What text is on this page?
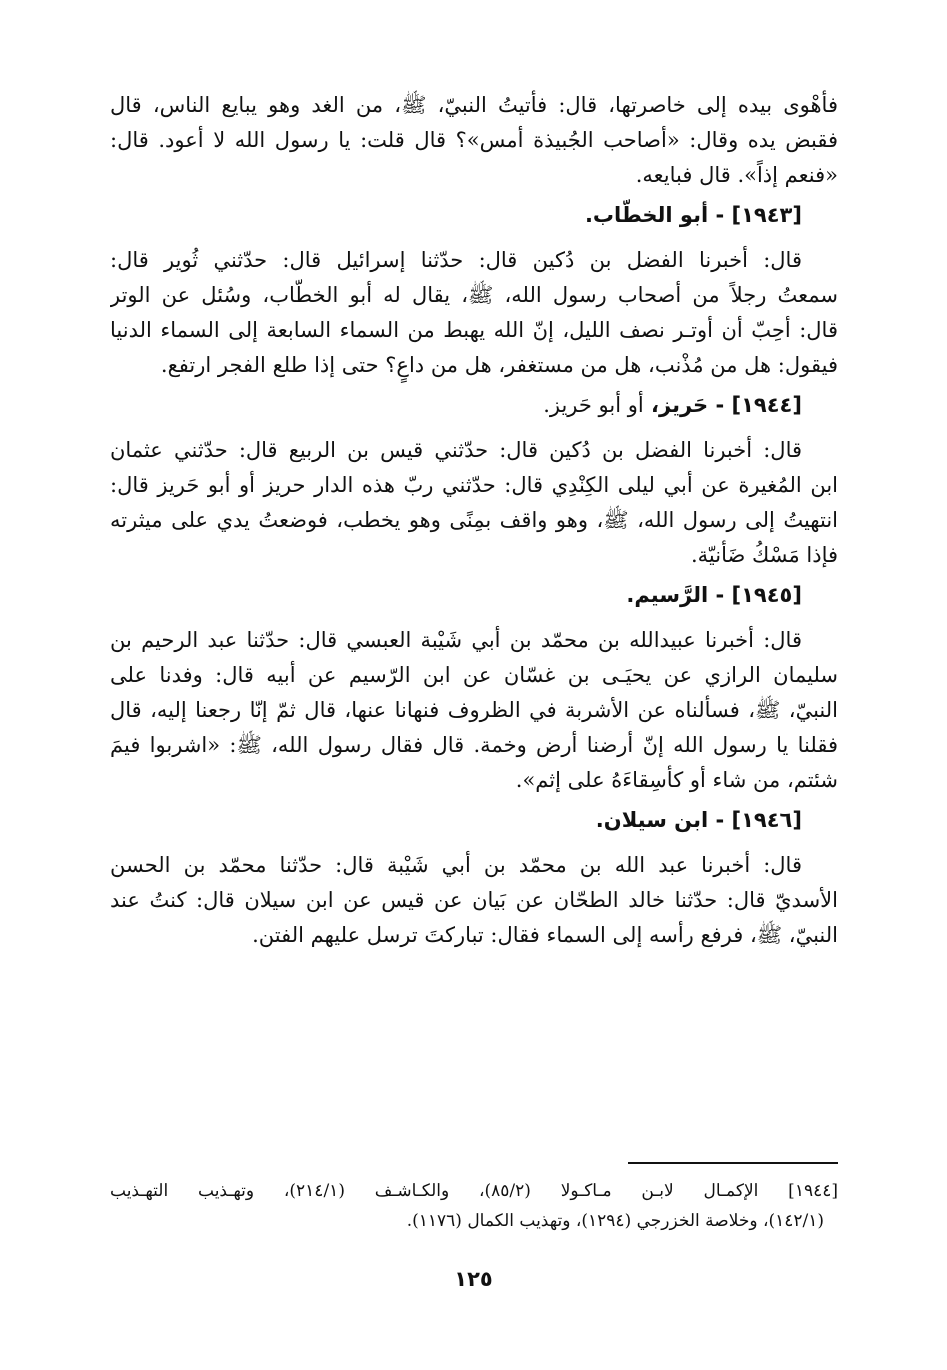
فأهْوى بيده إلى خاصرتها، قال: فأتيتُ النبيّ، ﷺ، من الغد وهو يبايع الناس، قال
فقبض يده وقال: «أصاحب الجُبيذة أمس»؟ قال قلت: يا رسول الله لا أعود. قال:
«فنعم إذاً». قال فبايعه.
[١٩٤٣] - أبو الخطّاب.
قال: أخبرنا الفضل بن دُكين قال: حدّثنا إسرائيل قال: حدّثني ثُوير قال:
سمعتُ رجلاً من أصحاب رسول الله، ﷺ، يقال له أبو الخطّاب، وسُئل عن الوتر
قال: أحِبّ أن أوتـر نصف الليل، إنّ الله يهبط من السماء السابعة إلى السماء الدنيا
فيقول: هل من مُذْنب، هل من مستغفر، هل من داعٍ؟ حتى إذا طلع الفجر ارتفع.
[١٩٤٤] - حَريز، أو أبو حَريز.
قال: أخبرنا الفضل بن دُكين قال: حدّثني قيس بن الربيع قال: حدّثني عثمان
ابن المُغيرة عن أبي ليلى الكِنْدِي قال: حدّثني ربّ هذه الدار حريز أو أبو حَريز قال:
انتهيتُ إلى رسول الله، ﷺ، وهو واقف بمِنًى وهو يخطب، فوضعتُ يدي على ميثرته
فإذا مَسْكُ ضَأنيّة.
[١٩٤٥] - الرَّسيم.
قال: أخبرنا عبيدالله بن محمّد بن أبي شَيْبة العبسي قال: حدّثنا عبد الرحيم بن
سليمان الرازي عن يحيَـى بن غسّان عن ابن الرّسيم عن أبيه قال: وفدنا على
النبيّ، ﷺ، فسألناه عن الأشربة في الظروف فنهانا عنها، قال ثمّ إنّا رجعنا إليه، قال
فقلنا يا رسول الله إنّ أرضنا أرض وخمة. قال فقال رسول الله، ﷺ: «اشربوا فيمَ
شئتم، من شاء أو كأسِقاءَهُ على إثم».
[١٩٤٦] - ابن سيلان.
قال: أخبرنا عبد الله بن محمّد بن أبي شَيْبة قال: حدّثنا محمّد بن الحسن
الأسديّ قال: حدّثنا خالد الطحّان عن بَيان عن قيس عن ابن سيلان قال: كنتُ عند
النبيّ، ﷺ، فرفع رأسه إلى السماء فقال: تباركتَ ترسل عليهم الفتن.
[١٩٤٤] الإكمـال لابـن مـاكـولا (٨٥/٢)، والكـاشـف (٢١٤/١)، وتهـذيب التهـذيب
(١٤٢/١)، وخلاصة الخزرجي (١٢٩٤)، وتهذيب الكمال (١١٧٦).
١٢٥
